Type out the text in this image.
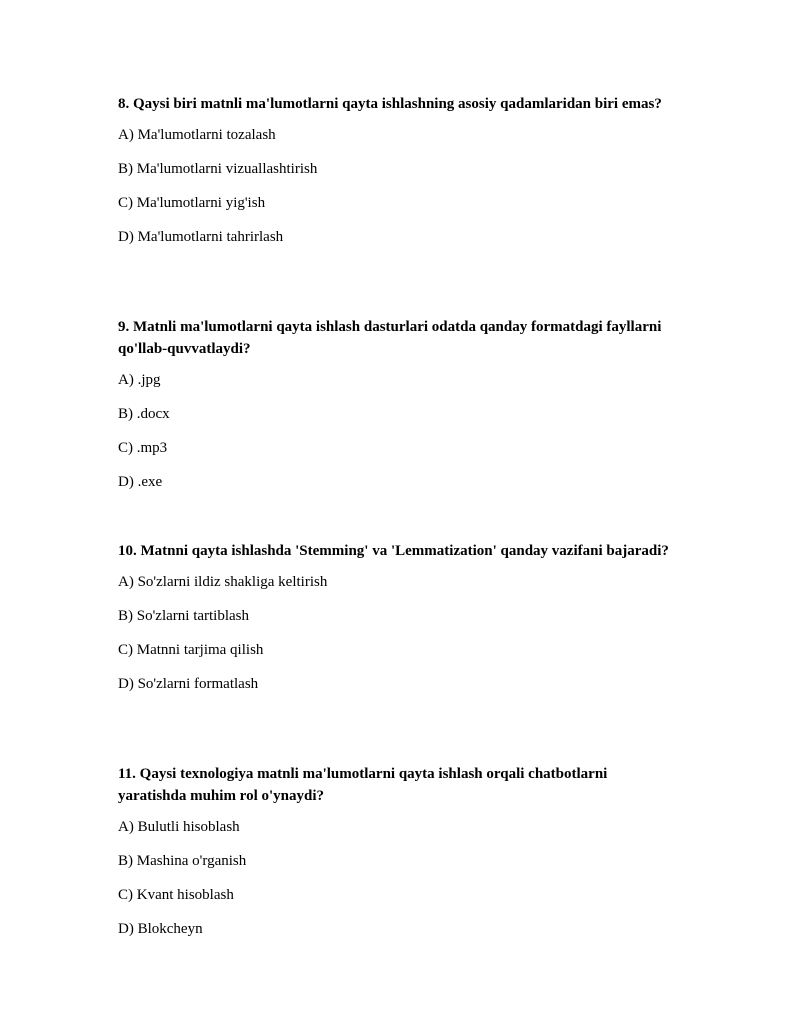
8. Qaysi biri matnli ma'lumotlarni qayta ishlashning asosiy qadamlaridan biri emas?

A) Ma'lumotlarni tozalash
B) Ma'lumotlarni vizuallashtirish
C) Ma'lumotlarni yig'ish
D) Ma'lumotlarni tahrirlash

9. Matnli ma'lumotlarni qayta ishlash dasturlari odatda qanday formatdagi fayllarni qo'llab-quvvatlaydi?

A) .jpg
B) .docx
C) .mp3
D) .exe

10. Matnni qayta ishlashda 'Stemming' va 'Lemmatization' qanday vazifani bajaradi?

A) So'zlarni ildiz shakliga keltirish
B) So'zlarni tartiblash
C) Matnni tarjima qilish
D) So'zlarni formatlash

11. Qaysi texnologiya matnli ma'lumotlarni qayta ishlash orqali chatbotlarni yaratishda muhim rol o'ynaydi?

A) Bulutli hisoblash
B) Mashina o'rganish
C) Kvant hisoblash
D) Blokcheyn
